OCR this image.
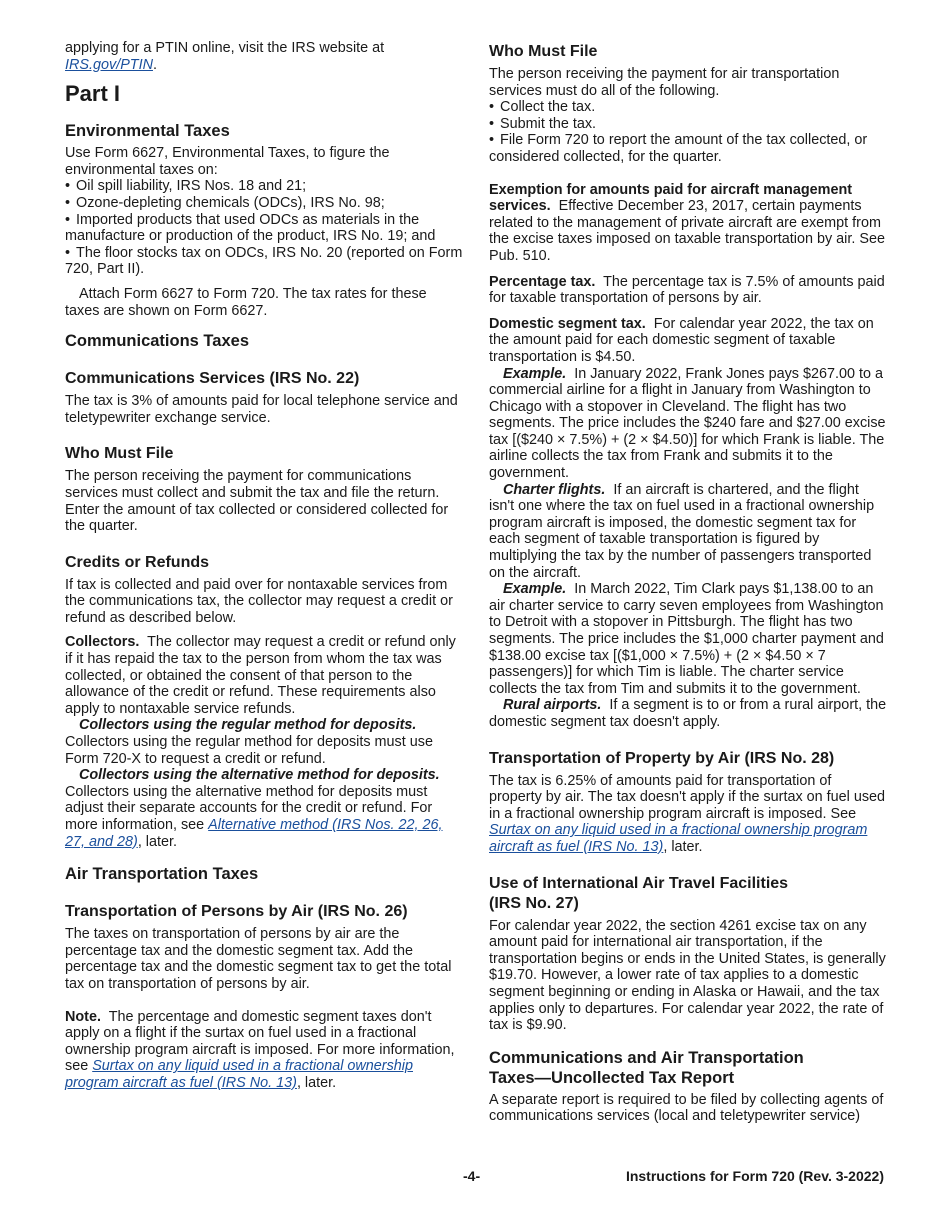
applying for a PTIN online, visit the IRS website at IRS.gov/PTIN.

Part I
Environmental Taxes

Use Form 6627, Environmental Taxes, to figure the environmental taxes on:

• Oil spill liability, IRS Nos. 18 and 21;
• Ozone-depleting chemicals (ODCs), IRS No. 98;
• Imported products that used ODCs as materials in the manufacture or production of the product, IRS No. 19; and
• The floor stocks tax on ODCs, IRS No. 20 (reported on Form 720, Part II).

Attach Form 6627 to Form 720. The tax rates for these taxes are shown on Form 6627.

Communications Taxes
Communications Services (IRS No. 22)

The tax is 3% of amounts paid for local telephone service and teletypewriter exchange service.

Who Must File

The person receiving the payment for communications services must collect and submit the tax and file the return. Enter the amount of tax collected or considered collected for the quarter.

Credits or Refunds

If tax is collected and paid over for nontaxable services from the communications tax, the collector may request a credit or refund as described below.

Collectors. The collector may request a credit or refund only if it has repaid the tax to the person from whom the tax was collected, or obtained the consent of that person to the allowance of the credit or refund. These requirements also apply to nontaxable service refunds.

Collectors using the regular method for deposits. Collectors using the regular method for deposits must use Form 720-X to request a credit or refund.

Collectors using the alternative method for deposits. Collectors using the alternative method for deposits must adjust their separate accounts for the credit or refund. For more information, see Alternative method (IRS Nos. 22, 26, 27, and 28), later.

Air Transportation Taxes
Transportation of Persons by Air (IRS No. 26)

The taxes on transportation of persons by air are the percentage tax and the domestic segment tax. Add the percentage tax and the domestic segment tax to get the total tax on transportation of persons by air.

Note. The percentage and domestic segment taxes don't apply on a flight if the surtax on fuel used in a fractional ownership program aircraft is imposed. For more information, see Surtax on any liquid used in a fractional ownership program aircraft as fuel (IRS No. 13), later.

Who Must File

The person receiving the payment for air transportation services must do all of the following.

• Collect the tax.
• Submit the tax.
• File Form 720 to report the amount of the tax collected, or considered collected, for the quarter.

Exemption for amounts paid for aircraft management services. Effective December 23, 2017, certain payments related to the management of private aircraft are exempt from the excise taxes imposed on taxable transportation by air. See Pub. 510.

Percentage tax. The percentage tax is 7.5% of amounts paid for taxable transportation of persons by air.

Domestic segment tax. For calendar year 2022, the tax on the amount paid for each domestic segment of taxable transportation is $4.50.

Example. In January 2022, Frank Jones pays $267.00 to a commercial airline for a flight in January from Washington to Chicago with a stopover in Cleveland. The flight has two segments. The price includes the $240 fare and $27.00 excise tax [($240 × 7.5%) + (2 × $4.50)] for which Frank is liable. The airline collects the tax from Frank and submits it to the government.

Charter flights. If an aircraft is chartered, and the flight isn't one where the tax on fuel used in a fractional ownership program aircraft is imposed, the domestic segment tax for each segment of taxable transportation is figured by multiplying the tax by the number of passengers transported on the aircraft.

Example. In March 2022, Tim Clark pays $1,138.00 to an air charter service to carry seven employees from Washington to Detroit with a stopover in Pittsburgh. The flight has two segments. The price includes the $1,000 charter payment and $138.00 excise tax [($1,000 × 7.5%) + (2 × $4.50 × 7 passengers)] for which Tim is liable. The charter service collects the tax from Tim and submits it to the government.

Rural airports. If a segment is to or from a rural airport, the domestic segment tax doesn't apply.

Transportation of Property by Air (IRS No. 28)

The tax is 6.25% of amounts paid for transportation of property by air. The tax doesn't apply if the surtax on fuel used in a fractional ownership program aircraft is imposed. See Surtax on any liquid used in a fractional ownership program aircraft as fuel (IRS No. 13), later.

Use of International Air Travel Facilities
(IRS No. 27)

For calendar year 2022, the section 4261 excise tax on any amount paid for international air transportation, if the transportation begins or ends in the United States, is generally $19.70. However, a lower rate of tax applies to a domestic segment beginning or ending in Alaska or Hawaii, and the tax applies only to departures. For calendar year 2022, the rate of tax is $9.90.

Communications and Air Transportation
Taxes—Uncollected Tax Report

A separate report is required to be filed by collecting agents of communications services (local and teletypewriter service)

-4-	Instructions for Form 720 (Rev. 3-2022)
